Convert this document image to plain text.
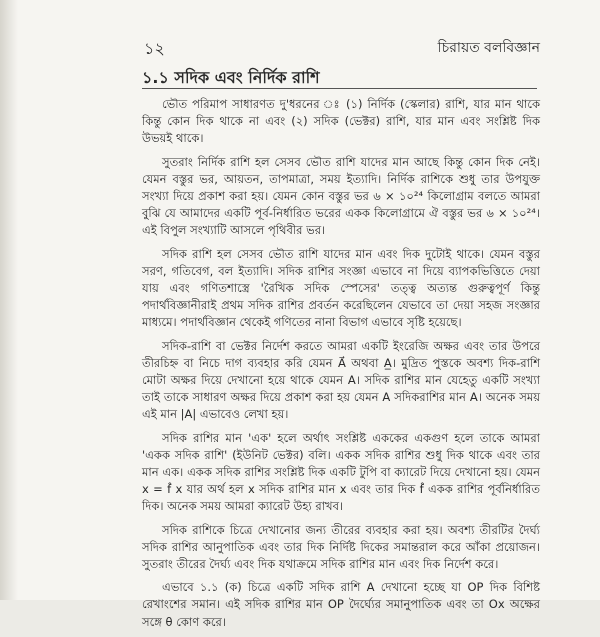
১২	চিরায়ত বলবিজ্ঞান
১.১ সদিক এবং নির্দিক রাশি

ভৌত পরিমাপ সাধারণত দু'ধরনের ঃ (১) নির্দিক (স্কেলার) রাশি, যার মান থাকে কিন্তু কোন দিক থাকে না এবং (২) সদিক (ভেক্টর) রাশি, যার মান এবং সংশ্লিষ্ট দিক উভয়ই থাকে।

সুতরাং নির্দিক রাশি হল সেসব ভৌত রাশি যাদের মান আছে কিন্তু কোন দিক নেই। যেমন বস্তুর ভর, আয়তন, তাপমাত্রা, সময় ইত্যাদি। নির্দিক রাশিকে শুধু তার উপযুক্ত সংখ্যা দিয়ে প্রকাশ করা হয়। যেমন কোন বস্তুর ভর ৬ × ১০²⁴ কিলোগ্রাম বলতে আমরা বুঝি যে আমাদের একটি পূর্ব-নির্ধারিত ভরের একক কিলোগ্রামে ঐ বস্তুর ভর ৬ × ১০²⁴। এই বিপুল সংখ্যাটি আসলে পৃথিবীর ভর।

সদিক রাশি হল সেসব ভৌত রাশি যাদের মান এবং দিক দুটোই থাকে। যেমন বস্তুর সরণ, গতিবেগ, বল ইত্যাদি। সদিক রাশির সংজ্ঞা এভাবে না দিয়ে ব্যাপকভিত্তিতে দেয়া যায় এবং গণিতশাস্ত্রে 'রৈখিক সদিক স্পেসের' তত্ত্ব অত্যন্ত গুরুত্বপূর্ণ কিন্তু পদার্থবিজ্ঞানীরাই প্রথম সদিক রাশির প্রবর্তন করেছিলেন যেভাবে তা দেয়া সহজ সংজ্ঞার মাধ্যমে। পদার্থবিজ্ঞান থেকেই গণিতের নানা বিভাগ এভাবে সৃষ্টি হয়েছে।

সদিক-রাশি বা ভেক্টর নির্দেশ করতে আমরা একটি ইংরেজি অক্ষর এবং তার উপরে তীরচিহ্ন বা নিচে দাগ ব্যবহার করি যেমন A⃗ অথবা A̲। মুদ্রিত পুস্তকে অবশ্য দিক-রাশি মোটা অক্ষর দিয়ে দেখানো হয়ে থাকে যেমন A। সদিক রাশির মান যেহেতু একটি সংখ্যা তাই তাকে সাধারণ অক্ষর দিয়ে প্রকাশ করা হয় যেমন A সদিকরাশির মান A। অনেক সময় এই মান |A| এভাবেও লেখা হয়।

সদিক রাশির মান 'এক' হলে অর্থাৎ সংশ্লিষ্ট এককের একগুণ হলে তাকে আমরা 'একক সদিক রাশি' (ইউনিট ভেক্টর) বলি। একক সদিক রাশির শুধু দিক থাকে এবং তার মান এক। একক সদিক রাশির সংশ্লিষ্ট দিক একটি টুপি বা ক্যারেট দিয়ে দেখানো হয়। যেমন x = f̂ x যার অর্থ হল x সদিক রাশির মান x এবং তার দিক f̂ একক রাশির পূর্বনির্ধারিত দিক। অনেক সময় আমরা ক্যারেট উহ্য রাখব।

সদিক রাশিকে চিত্রে দেখানোর জন্য তীরের ব্যবহার করা হয়। অবশ্য তীরটির দৈর্ঘ্য সদিক রাশির আনুপাতিক এবং তার দিক নির্দিষ্ট দিকের সমান্তরাল করে আঁকা প্রয়োজন। সুতরাং তীরের দৈর্ঘ্য এবং দিক যথাক্রমে সদিক রাশির মান এবং দিক নির্দেশ করে।

এভাবে ১.১ (ক) চিত্রে একটি সদিক রাশি A দেখানো হচ্ছে যা OP দিক বিশিষ্ট রেখাংশের সমান। এই সদিক রাশির মান OP দৈর্ঘ্যের সমানুপাতিক এবং তা Ox অক্ষের সঙ্গে θ কোণ করে।
